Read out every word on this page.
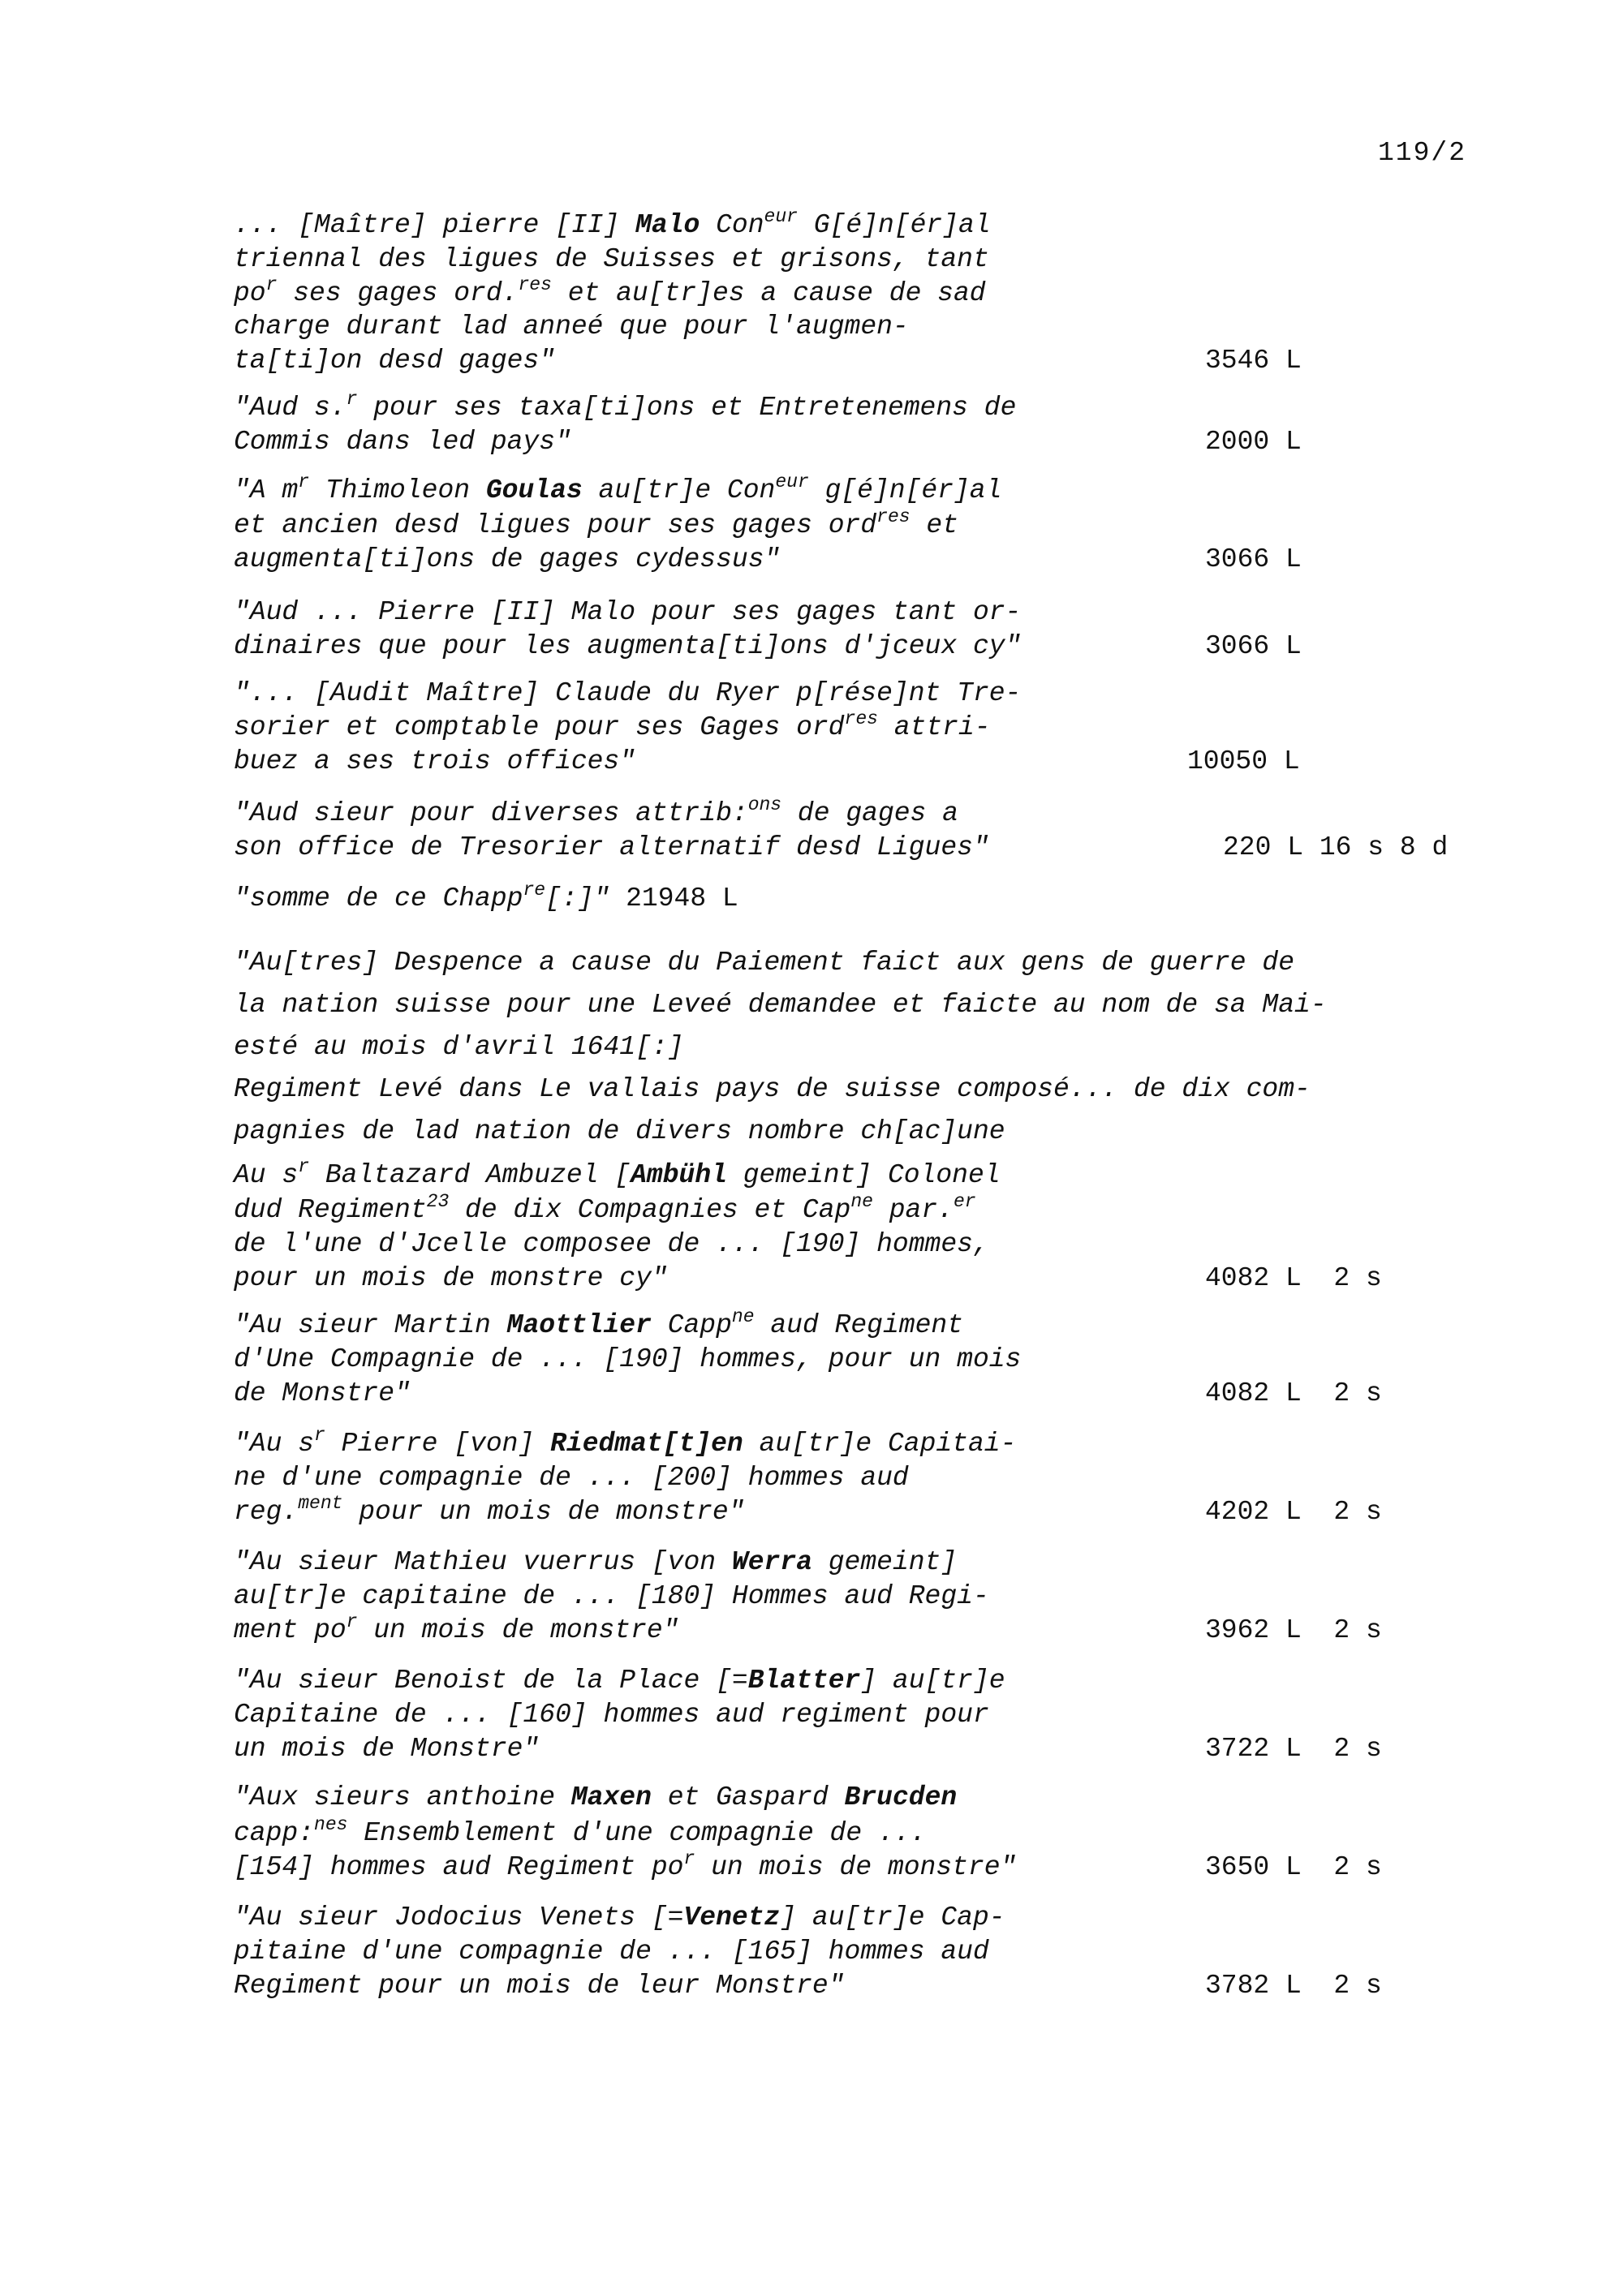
119/2
... [Maître] pierre [II] Malo Con$^{eur}$ G[é]n[ér]al
triennal des ligues de Suisses et grisons, tant
$po^r$ ses gages ord.$^{res}$ et au[tr]es a cause de sad
charge durant lad anneé que pour l'augmen-
ta[ti]on desd gages"	3546 L
"Aud s.$^r$ pour ses taxa[ti]ons et Entretenemens de
Commis dans led pays"	2000 L
"A $m^r$ Thimoleon Goulas au[tr]e Con$^{eur}$ g[é]n[ér]al
et ancien desd ligues pour ses gages ord$^{res}$ et
augmenta[ti]ons de gages cydessus"	3066 L
"Aud ... Pierre [II] Malo pour ses gages tant or-
dinaires que pour les augmenta[ti]ons d'jceux cy"	3066 L
"... [Audit Maître] Claude du Ryer p[rése]nt Tre-
sorier et comptable pour ses Gages ord$^{res}$ attri-
buez a ses trois offices"	10050 L
"Aud sieur pour diverses attrib:$^{ons}$ de gages a
son office de Tresorier alternatif desd Ligues"	220 L 16 s 8 d
"somme de ce Chapp$^{re}$[:]" 21948 L
"Au[tres] Despence a cause du Paiement faict aux gens de guerre de
la nation suisse pour une Leveé demandee et faicte au nom de sa Mai-
esté au mois d'avril 1641[:]
Regiment Levé dans Le vallais pays de suisse composé... de dix com-
pagnies de lad nation de divers nombre ch[ac]une
Au $s^r$ Baltazard Ambuzel [Ambühl gemeint] Colonel
dud Regiment$^{23}$ de dix Compagnies et Cap$^{ne}$ par.$^{er}$
de l'une d'Jcelle composee de ... [190] hommes,
pour un mois de monstre cy"	4082 L  2 s
"Au sieur Martin Maottlier Capp$^{ne}$ aud Regiment
d'Une Compagnie de ... [190] hommes, pour un mois
de Monstre"	4082 L  2 s
"Au $s^r$ Pierre [von] Riedmat[t]en au[tr]e Capitai-
ne d'une compagnie de ... [200] hommes aud
reg.$^{ment}$ pour un mois de monstre"	4202 L  2 s
"Au sieur Mathieu vuerrus [von Werra gemeint]
au[tr]e capitaine de ... [180] Hommes aud Regi-
ment $po^r$ un mois de monstre"	3962 L  2 s
"Au sieur Benoist de la Place [=Blatter] au[tr]e
Capitaine de ... [160] hommes aud regiment pour
un mois de Monstre"	3722 L  2 s
"Aux sieurs anthoine Maxen et Gaspard Brucden
capp:$^{nes}$ Ensemblement d'une compagnie de ...
[154] hommes aud Regiment $po^r$ un mois de monstre"	3650 L  2 s
"Au sieur Jodocius Venets [=Venetz] au[tr]e Cap-
pitaine d'une compagnie de ... [165] hommes aud
Regiment pour un mois de leur Monstre"	3782 L  2 s
